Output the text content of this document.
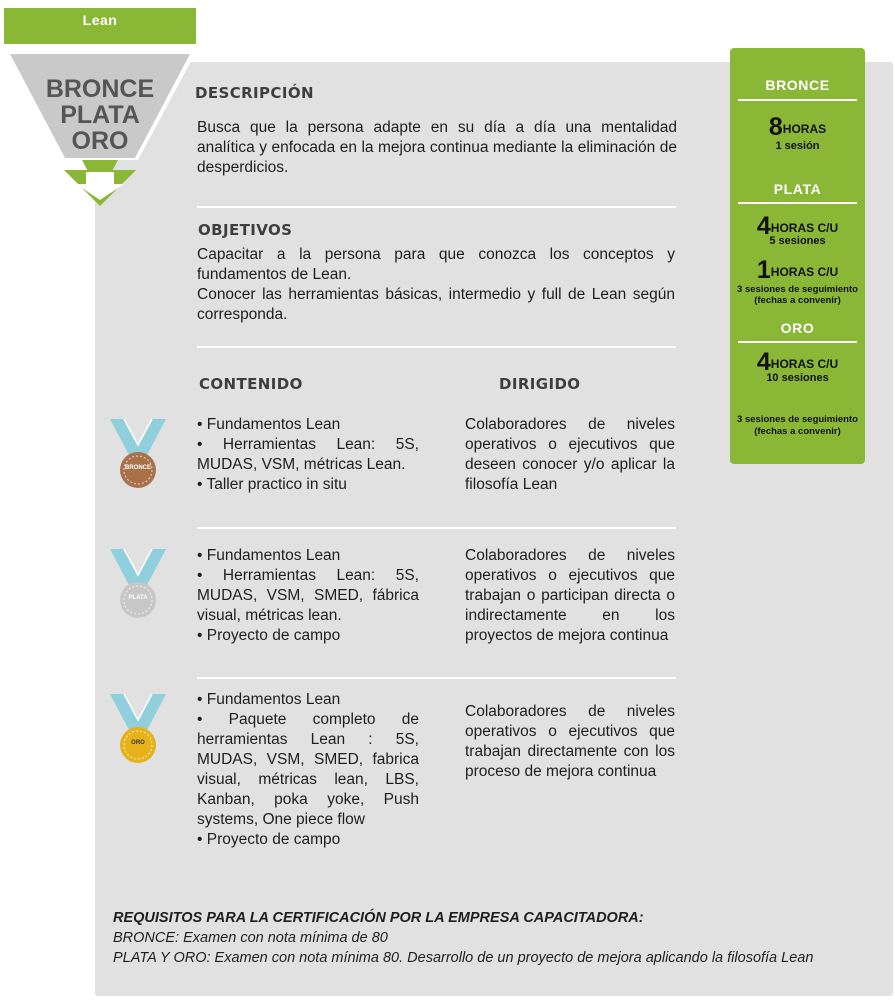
Lean
BRONCE
PLATA
ORO
DESCRIPCIÓN
Busca que la persona adapte en su día a día una mentalidad analítica y enfocada en la mejora continua mediante la eliminación de desperdicios.
OBJETIVOS
Capacitar a la persona para que conozca los conceptos y fundamentos de Lean.
Conocer las herramientas básicas, intermedio y full de Lean según corresponda.
CONTENIDO	DIRIGIDO
BRONCE
• Fundamentos Lean
• Herramientas Lean: 5S, MUDAS, VSM, métricas Lean.
• Taller practico in situ
Colaboradores de niveles operativos o ejecutivos que deseen conocer y/o aplicar la filosofía Lean
PLATA
• Fundamentos Lean
• Herramientas Lean: 5S, MUDAS, VSM, SMED, fábrica visual, métricas lean.
• Proyecto de campo
Colaboradores de niveles operativos o ejecutivos que trabajan o participan directa o indirectamente en los proyectos de mejora continua
ORO
• Fundamentos Lean
• Paquete completo de herramientas Lean : 5S, MUDAS, VSM, SMED, fabrica visual, métricas lean, LBS, Kanban, poka yoke, Push systems, One piece flow
• Proyecto de campo
Colaboradores de niveles operativos o ejecutivos que trabajan directamente con los proceso de mejora continua
BRONCE
8HORAS
1 sesión
PLATA
4HORAS C/U
5 sesiones
1HORAS C/U
3 sesiones de seguimiento
(fechas a convenir)
ORO
4HORAS C/U
10 sesiones
3 sesiones de seguimiento
(fechas a convenir)
REQUISITOS PARA LA CERTIFICACIÓN POR LA EMPRESA CAPACITADORA:
BRONCE: Examen con nota mínima de 80
PLATA Y ORO: Examen con nota mínima 80. Desarrollo de un proyecto de mejora aplicando la filosofía Lean
